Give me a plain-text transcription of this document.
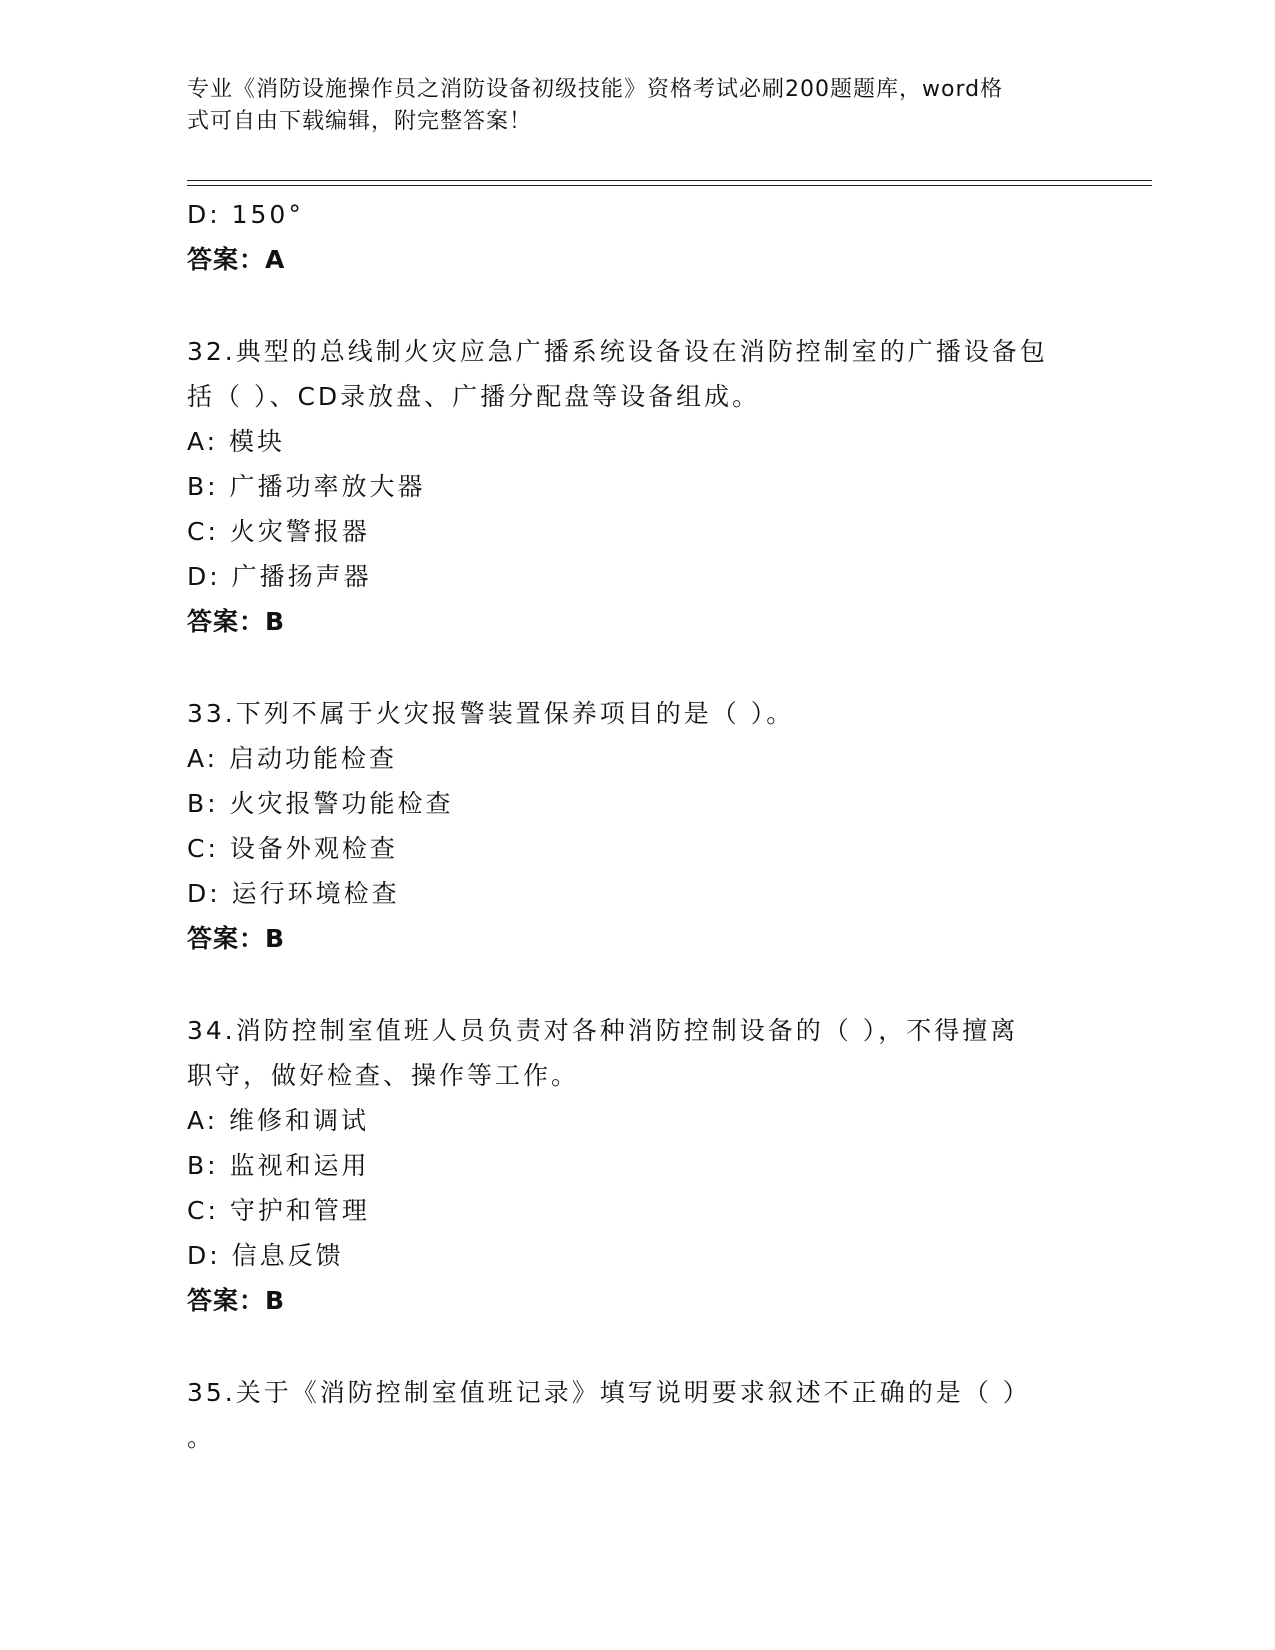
专业《消防设施操作员之消防设备初级技能》资格考试必刷200题题库，word格
式可自由下载编辑，附完整答案！
D: 150°
答案：A
32.典型的总线制火灾应急广播系统设备设在消防控制室的广播设备包
括（ ）、CD录放盘、广播分配盘等设备组成。
A: 模块
B: 广播功率放大器
C: 火灾警报器
D: 广播扬声器
答案：B
33.下列不属于火灾报警装置保养项目的是（ ）。
A: 启动功能检查
B: 火灾报警功能检查
C: 设备外观检查
D: 运行环境检查
答案：B
34.消防控制室值班人员负责对各种消防控制设备的（ ），不得擅离
职守，做好检查、操作等工作。
A: 维修和调试
B: 监视和运用
C: 守护和管理
D: 信息反馈
答案：B
35.关于《消防控制室值班记录》填写说明要求叙述不正确的是（ ）
。
